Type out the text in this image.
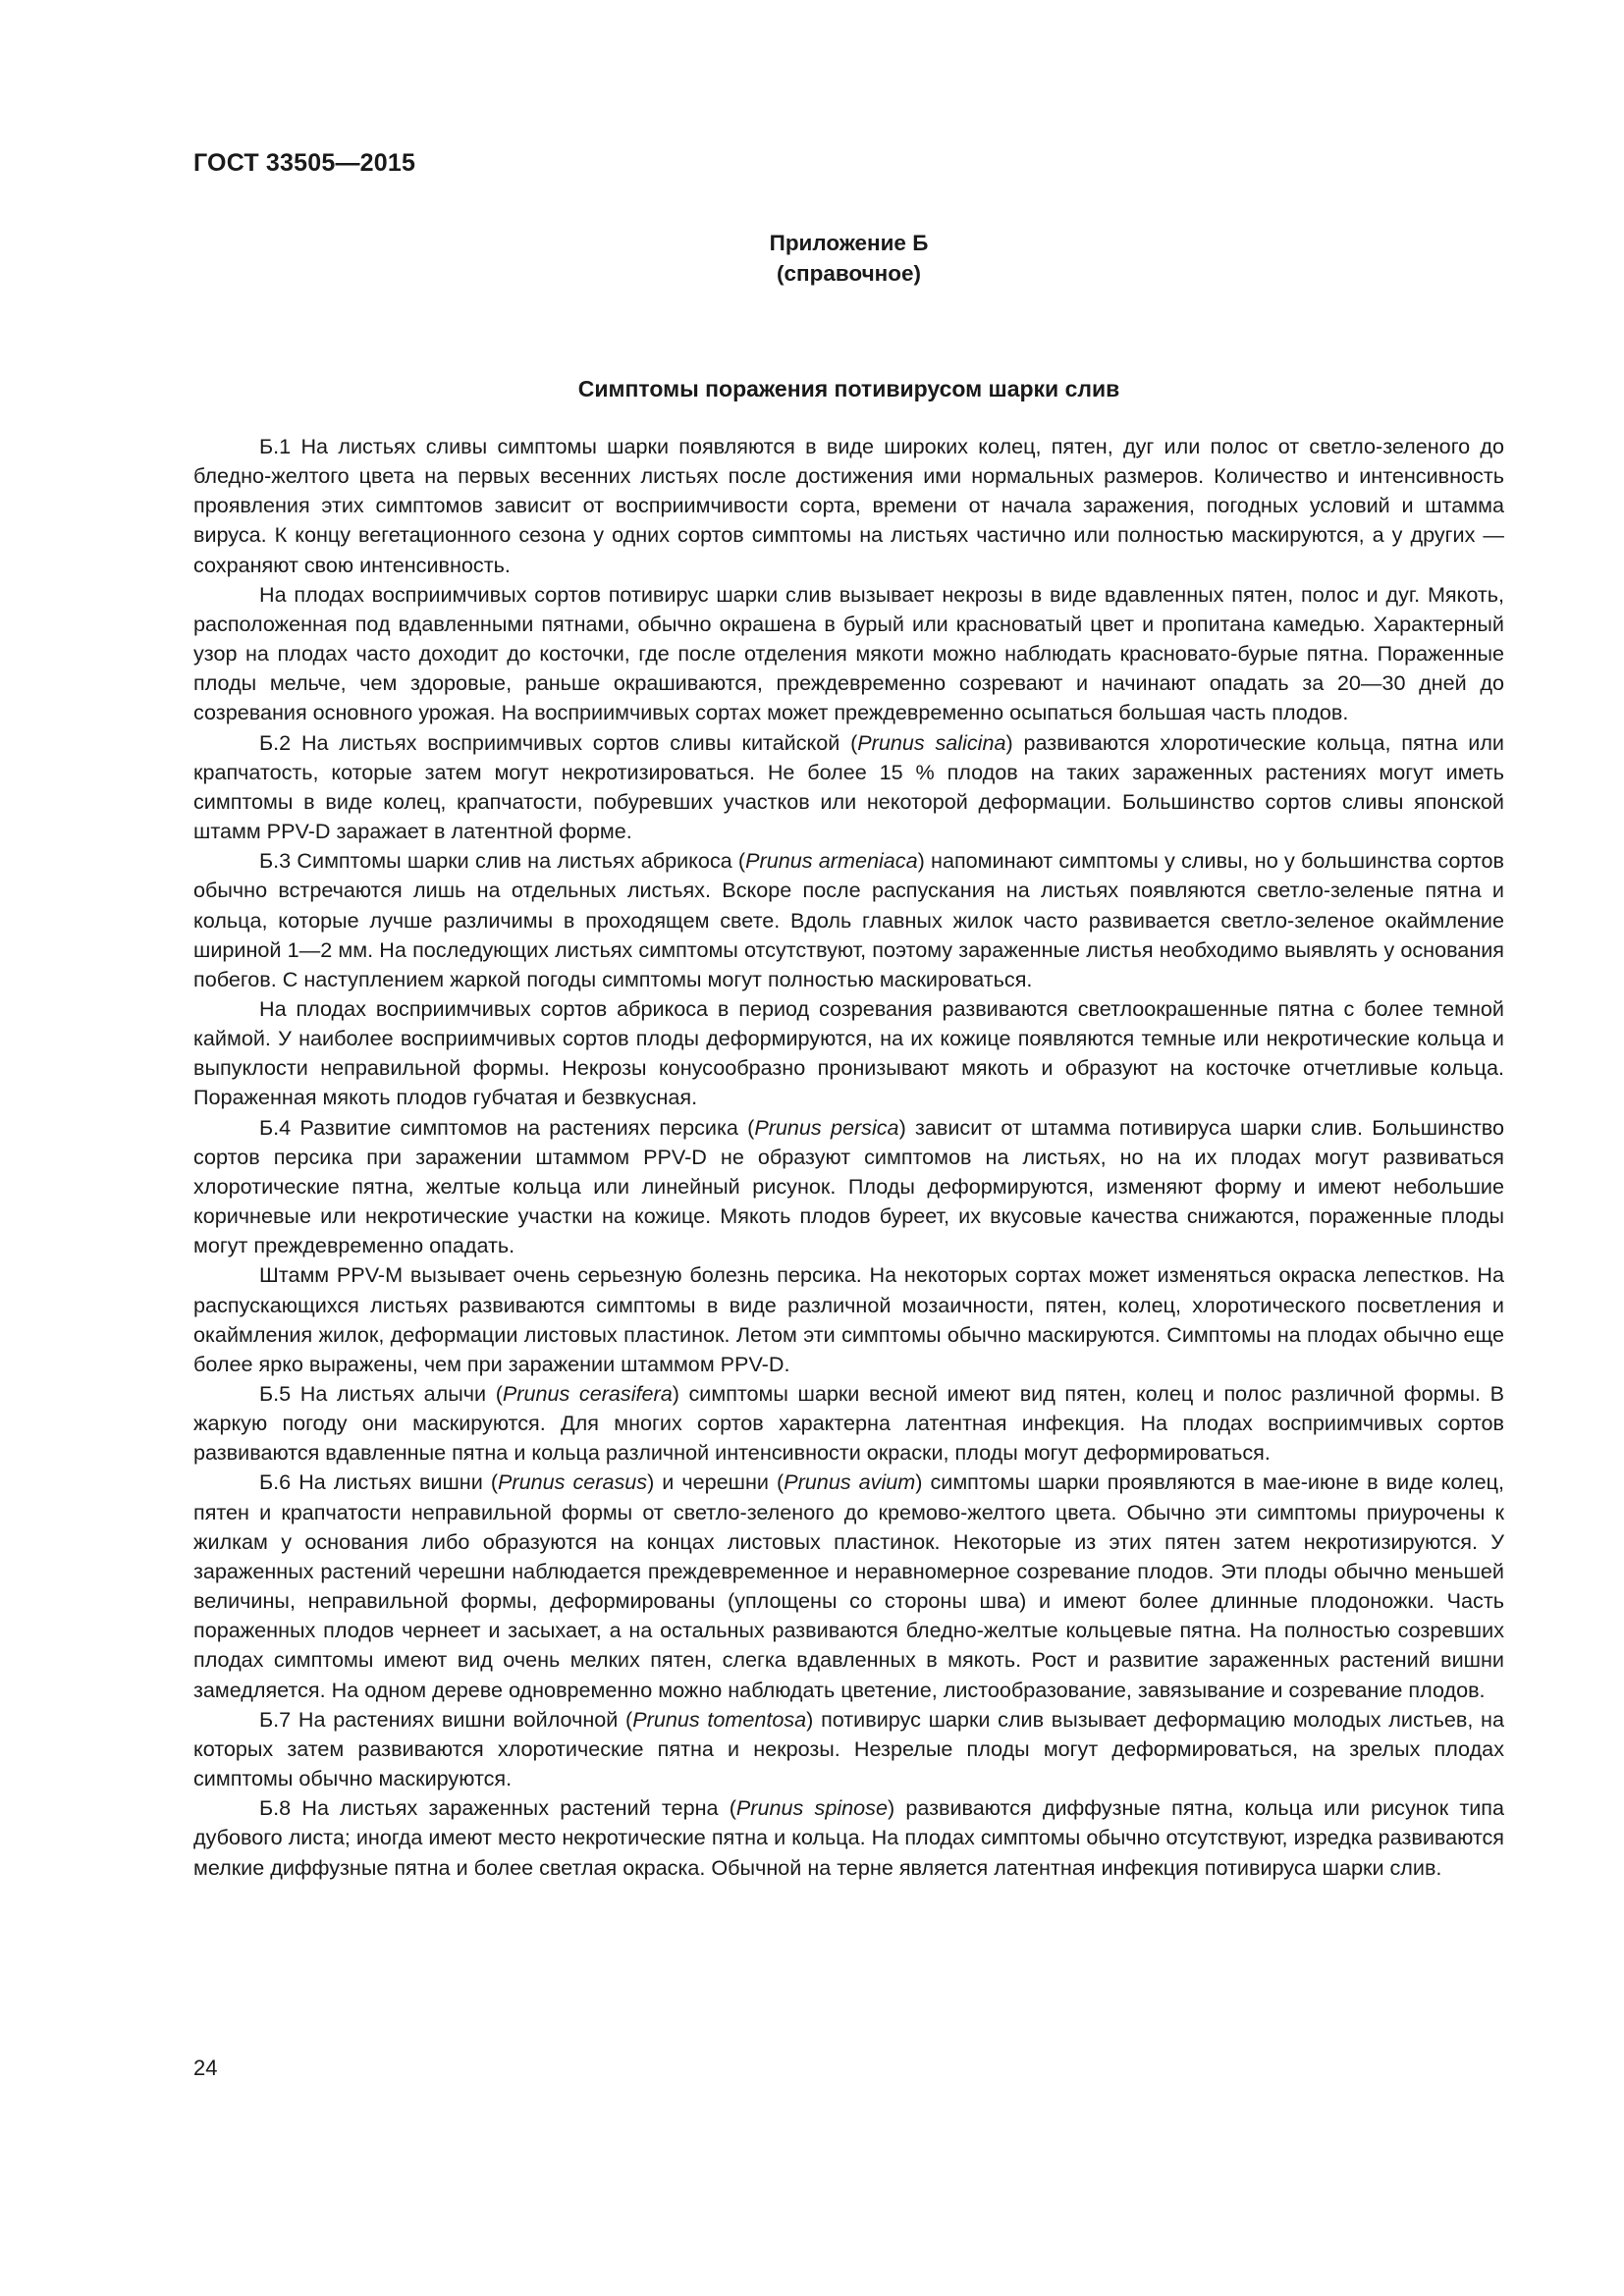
ГОСТ 33505—2015
Приложение Б
(справочное)
Симптомы поражения потивирусом шарки слив

Б.1 На листьях сливы симптомы шарки появляются в виде широких колец, пятен, дуг или полос от светло-зеленого до бледно-желтого цвета на первых весенних листьях после достижения ими нормальных размеров. Количество и интенсивность проявления этих симптомов зависит от восприимчивости сорта, времени от начала заражения, погодных условий и штамма вируса. К концу вегетационного сезона у одних сортов симптомы на листьях частично или полностью маскируются, а у других — сохраняют свою интенсивность.

На плодах восприимчивых сортов потивирус шарки слив вызывает некрозы в виде вдавленных пятен, полос и дуг. Мякоть, расположенная под вдавленными пятнами, обычно окрашена в бурый или красноватый цвет и пропитана камедью. Характерный узор на плодах часто доходит до косточки, где после отделения мякоти можно наблюдать красновато-бурые пятна. Пораженные плоды мельче, чем здоровые, раньше окрашиваются, преждевременно созревают и начинают опадать за 20—30 дней до созревания основного урожая. На восприимчивых сортах может преждевременно осыпаться большая часть плодов.

Б.2 На листьях восприимчивых сортов сливы китайской (Prunus salicina) развиваются хлоротические кольца, пятна или крапчатость, которые затем могут некротизироваться. Не более 15 % плодов на таких зараженных растениях могут иметь симптомы в виде колец, крапчатости, побуревших участков или некоторой деформации. Большинство сортов сливы японской штамм PPV-D заражает в латентной форме.

Б.3 Симптомы шарки слив на листьях абрикоса (Prunus armeniaca) напоминают симптомы у сливы, но у большинства сортов обычно встречаются лишь на отдельных листьях. Вскоре после распускания на листьях появляются светло-зеленые пятна и кольца, которые лучше различимы в проходящем свете. Вдоль главных жилок часто развивается светло-зеленое окаймление шириной 1—2 мм. На последующих листьях симптомы отсутствуют, поэтому зараженные листья необходимо выявлять у основания побегов. С наступлением жаркой погоды симптомы могут полностью маскироваться.

На плодах восприимчивых сортов абрикоса в период созревания развиваются светлоокрашенные пятна с более темной каймой. У наиболее восприимчивых сортов плоды деформируются, на их кожице появляются темные или некротические кольца и выпуклости неправильной формы. Некрозы конусообразно пронизывают мякоть и образуют на косточке отчетливые кольца. Пораженная мякоть плодов губчатая и безвкусная.

Б.4 Развитие симптомов на растениях персика (Prunus persica) зависит от штамма потивируса шарки слив. Большинство сортов персика при заражении штаммом PPV-D не образуют симптомов на листьях, но на их плодах могут развиваться хлоротические пятна, желтые кольца или линейный рисунок. Плоды деформируются, изменяют форму и имеют небольшие коричневые или некротические участки на кожице. Мякоть плодов буреет, их вкусовые качества снижаются, пораженные плоды могут преждевременно опадать.

Штамм PPV-M вызывает очень серьезную болезнь персика. На некоторых сортах может изменяться окраска лепестков. На распускающихся листьях развиваются симптомы в виде различной мозаичности, пятен, колец, хлоротического посветления и окаймления жилок, деформации листовых пластинок. Летом эти симптомы обычно маскируются. Симптомы на плодах обычно еще более ярко выражены, чем при заражении штаммом PPV-D.

Б.5 На листьях алычи (Prunus cerasifera) симптомы шарки весной имеют вид пятен, колец и полос различной формы. В жаркую погоду они маскируются. Для многих сортов характерна латентная инфекция. На плодах восприимчивых сортов развиваются вдавленные пятна и кольца различной интенсивности окраски, плоды могут деформироваться.

Б.6 На листьях вишни (Prunus cerasus) и черешни (Prunus avium) симптомы шарки проявляются в мае-июне в виде колец, пятен и крапчатости неправильной формы от светло-зеленого до кремово-желтого цвета. Обычно эти симптомы приурочены к жилкам у основания либо образуются на концах листовых пластинок. Некоторые из этих пятен затем некротизируются. У зараженных растений черешни наблюдается преждевременное и неравномерное созревание плодов. Эти плоды обычно меньшей величины, неправильной формы, деформированы (уплощены со стороны шва) и имеют более длинные плодоножки. Часть пораженных плодов чернеет и засыхает, а на остальных развиваются бледно-желтые кольцевые пятна. На полностью созревших плодах симптомы имеют вид очень мелких пятен, слегка вдавленных в мякоть. Рост и развитие зараженных растений вишни замедляется. На одном дереве одновременно можно наблюдать цветение, листообразование, завязывание и созревание плодов.

Б.7 На растениях вишни войлочной (Prunus tomentosa) потивирус шарки слив вызывает деформацию молодых листьев, на которых затем развиваются хлоротические пятна и некрозы. Незрелые плоды могут деформироваться, на зрелых плодах симптомы обычно маскируются.

Б.8 На листьях зараженных растений терна (Prunus spinose) развиваются диффузные пятна, кольца или рисунок типа дубового листа; иногда имеют место некротические пятна и кольца. На плодах симптомы обычно отсутствуют, изредка развиваются мелкие диффузные пятна и более светлая окраска. Обычной на терне является латентная инфекция потивируса шарки слив.

24
